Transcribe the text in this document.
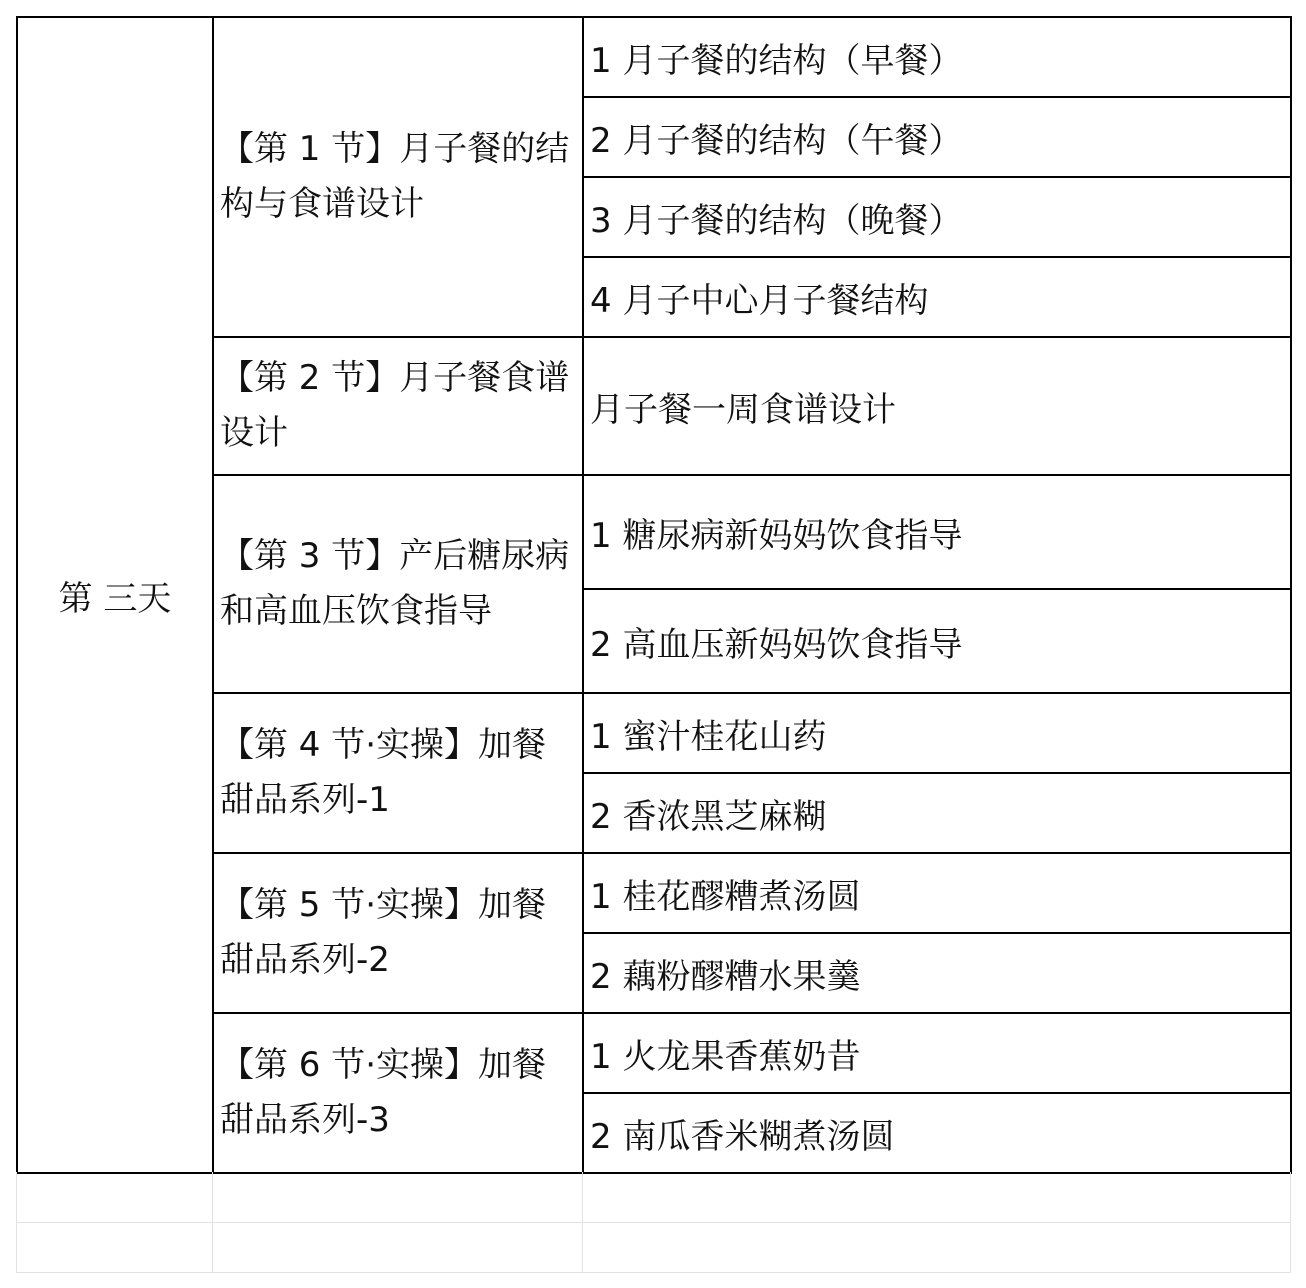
第 三天	【第 1 节】月子餐的结构与食谱设计	1 月子餐的结构（早餐）
		2 月子餐的结构（午餐）
		3 月子餐的结构（晚餐）
		4 月子中心月子餐结构
	【第 2 节】月子餐食谱设计	月子餐一周食谱设计
	【第 3 节】产后糖尿病和高血压饮食指导	1 糖尿病新妈妈饮食指导
		2 高血压新妈妈饮食指导
	【第 4 节·实操】加餐甜品系列-1	1 蜜汁桂花山药
		2 香浓黑芝麻糊
	【第 5 节·实操】加餐甜品系列-2	1 桂花醪糟煮汤圆
		2 藕粉醪糟水果羹
	【第 6 节·实操】加餐甜品系列-3	1 火龙果香蕉奶昔
		2 南瓜香米糊煮汤圆
